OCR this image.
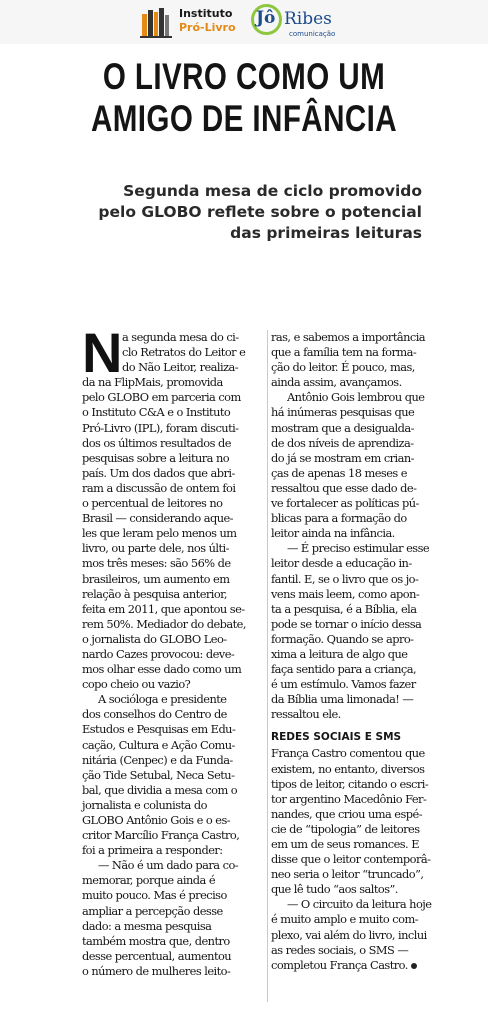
Instituto
Pró-Livro Jô Ribes
comunicação
O LIVRO COMO UM
AMIGO DE INFÂNCIA
Segunda mesa de ciclo promovido
pelo GLOBO reflete sobre o potencial
das primeiras leituras
N a segunda mesa do ci-
clo Retratos do Leitor e
do Não Leitor, realiza-
da na FlipMais, promovida
pelo GLOBO em parceria com
o Instituto C&A e o Instituto
Pró-Livro (IPL), foram discuti-
dos os últimos resultados de
pesquisas sobre a leitura no
país. Um dos dados que abri-
ram a discussão de ontem foi
o percentual de leitores no
Brasil — considerando aque-
les que leram pelo menos um
livro, ou parte dele, nos últi-
mos três meses: são 56% de
brasileiros, um aumento em
relação à pesquisa anterior,
feita em 2011, que apontou se-
rem 50%. Mediador do debate,
o jornalista do GLOBO Leo-
nardo Cazes provocou: deve-
mos olhar esse dado como um
copo cheio ou vazio?
A socióloga e presidente
dos conselhos do Centro de
Estudos e Pesquisas em Edu-
cação, Cultura e Ação Comu-
nitária (Cenpec) e da Funda-
ção Tide Setubal, Neca Setu-
bal, que dividia a mesa com o
jornalista e colunista do
GLOBO Antônio Gois e o es-
critor Marcílio França Castro,
foi a primeira a responder:
— Não é um dado para co-
memorar, porque ainda é
muito pouco. Mas é preciso
ampliar a percepção desse
dado: a mesma pesquisa
também mostra que, dentro
desse percentual, aumentou
o número de mulheres leito-
ras, e sabemos a importância
que a família tem na forma-
ção do leitor. É pouco, mas,
ainda assim, avançamos.
Antônio Gois lembrou que
há inúmeras pesquisas que
mostram que a desigualda-
de dos níveis de aprendiza-
do já se mostram em crian-
ças de apenas 18 meses e
ressaltou que esse dado de-
ve fortalecer as políticas pú-
blicas para a formação do
leitor ainda na infância.
— É preciso estimular esse
leitor desde a educação in-
fantil. E, se o livro que os jo-
vens mais leem, como apon-
ta a pesquisa, é a Bíblia, ela
pode se tornar o início dessa
formação. Quando se apro-
xima a leitura de algo que
faça sentido para a criança,
é um estímulo. Vamos fazer
da Bíblia uma limonada! —
ressaltou ele.
REDES SOCIAIS E SMS
França Castro comentou que
existem, no entanto, diversos
tipos de leitor, citando o escri-
tor argentino Macedônio Fer-
nandes, que criou uma espé-
cie de “tipologia” de leitores
em um de seus romances. E
disse que o leitor contemporâ-
neo seria o leitor “truncado”,
que lê tudo “aos saltos”.
— O circuito da leitura hoje
é muito amplo e muito com-
plexo, vai além do livro, inclui
as redes sociais, o SMS —
completou França Castro.
